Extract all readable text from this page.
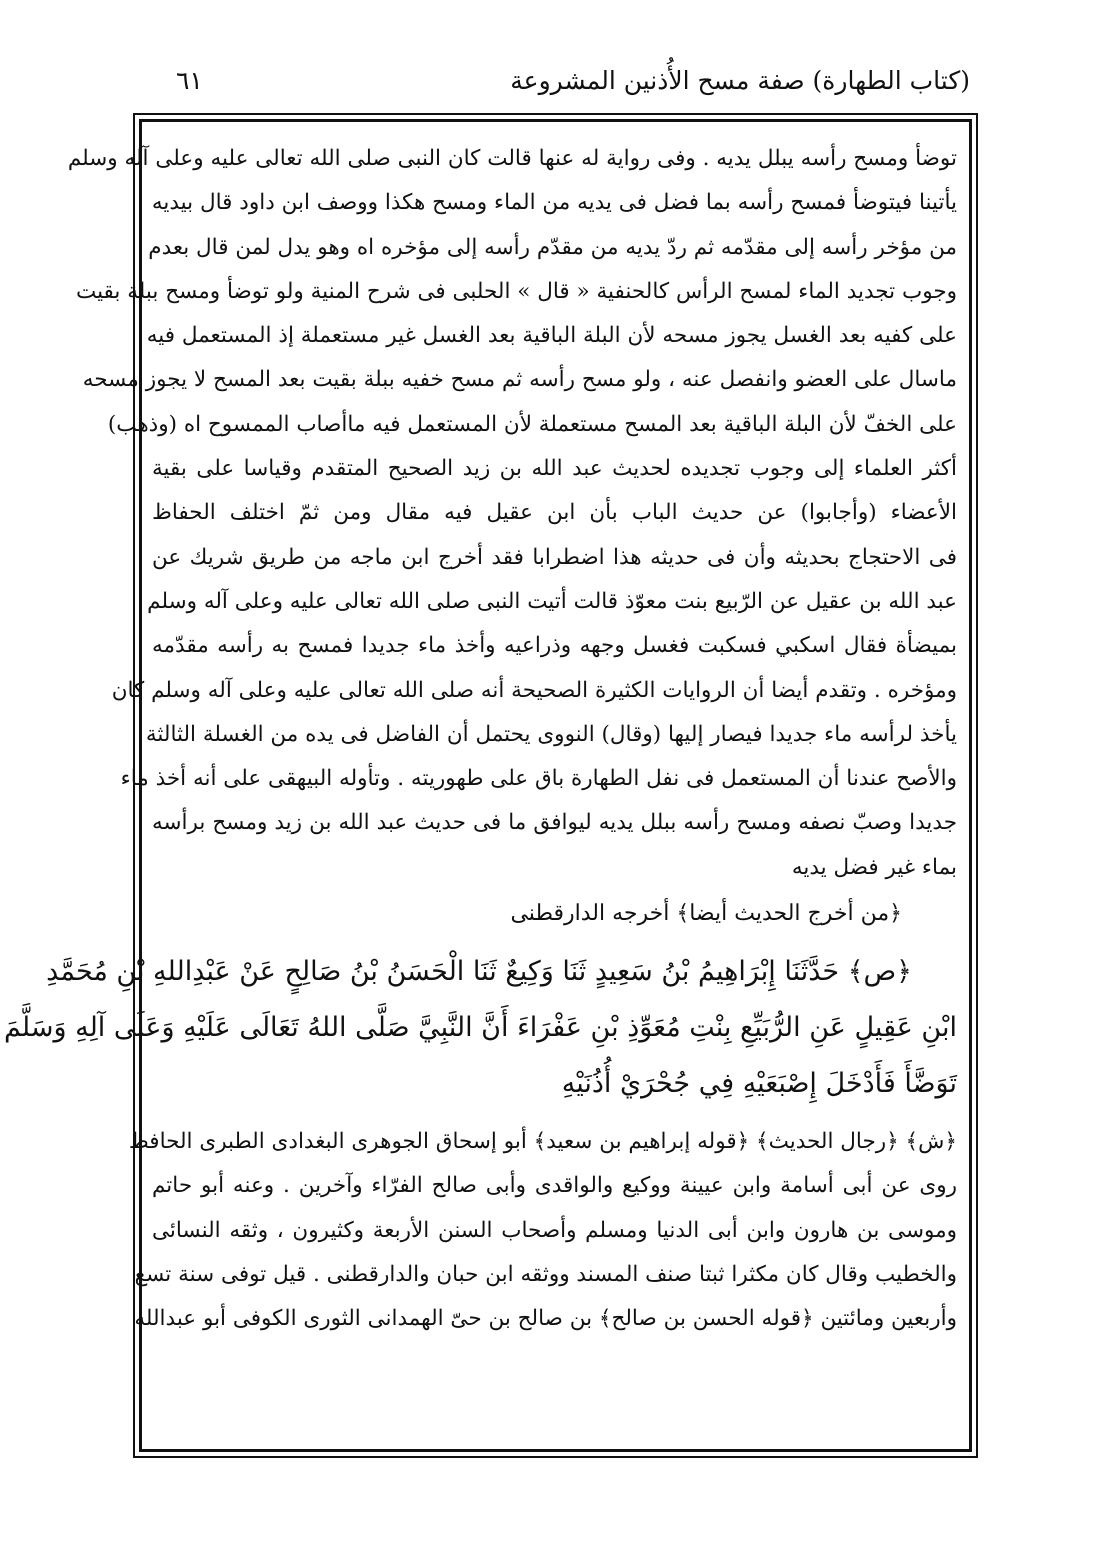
(كتاب الطهارة) صفة مسح الأُذنين المشروعة
٦١
توضأ ومسح رأسه يبلل يديه . وفى رواية له عنها قالت كان النبى صلى الله تعالى عليه وعلى آله وسلم
يأتينا فيتوضأ فمسح رأسه بما فضل فى يديه من الماء ومسح هكذا ووصف ابن داود قال بيديه
من مؤخر رأسه إلى مقدّمه ثم ردّ يديه من مقدّم رأسه إلى مؤخره اه وهو يدل لمن قال بعدم
وجوب تجديد الماء لمسح الرأس كالحنفية « قال » الحلبى فى شرح المنية ولو توضأ ومسح ببلة بقيت
على كفيه بعد الغسل يجوز مسحه لأن البلة الباقية بعد الغسل غير مستعملة إذ المستعمل فيه
ماسال على العضو وانفصل عنه ، ولو مسح رأسه ثم مسح خفيه ببلة بقيت بعد المسح لا يجوز مسحه
على الخفّ لأن البلة الباقية بعد المسح مستعملة لأن المستعمل فيه ماأصاب الممسوح اه (وذهب)
أكثر العلماء إلى وجوب تجديده لحديث عبد الله بن زيد الصحيح المتقدم وقياسا على بقية
الأعضاء (وأجابوا) عن حديث الباب بأن ابن عقيل فيه مقال ومن ثمّ اختلف الحفاظ
فى الاحتجاج بحديثه وأن فى حديثه هذا اضطرابا فقد أخرج ابن ماجه من طريق شريك عن
عبد الله بن عقيل عن الرّبيع بنت معوّذ قالت أتيت النبى صلى الله تعالى عليه وعلى آله وسلم
بميضأة فقال اسكبي فسكبت فغسل وجهه وذراعيه وأخذ ماء جديدا فمسح به رأسه مقدّمه
ومؤخره . وتقدم أيضا أن الروايات الكثيرة الصحيحة أنه صلى الله تعالى عليه وعلى آله وسلم كان
يأخذ لرأسه ماء جديدا فيصار إليها (وقال) النووى يحتمل أن الفاضل فى يده من الغسلة الثالثة
والأصح عندنا أن المستعمل فى نفل الطهارة باق على طهوريته . وتأوله البيهقى على أنه أخذ ماء
جديدا وصبّ نصفه ومسح رأسه ببلل يديه ليوافق ما فى حديث عبد الله بن زيد ومسح برأسه
بماء غير فضل يديه
﴿من أخرج الحديث أيضا﴾ أخرجه الدارقطنى
﴿ص﴾ حَدَّثَنَا إِبْرَاهِيمُ بْنُ سَعِيدٍ ثَنَا وَكِيعٌ ثَنَا الْحَسَنُ بْنُ صَالِحٍ عَنْ عَبْدِاللهِ بْنِ مُحَمَّدِ
ابْنِ عَقِيلٍ عَنِ الرُّبَيِّعِ بِنْتِ مُعَوِّذِ بْنِ عَفْرَاءَ أَنَّ النَّبِيَّ صَلَّى اللهُ تَعَالَى عَلَيْهِ وَعَلَى آلِهِ وَسَلَّمَ
تَوَضَّأَ فَأَدْخَلَ إِصْبَعَيْهِ فِي جُحْرَيْ أُذُنَيْهِ
﴿ش﴾ ﴿رجال الحديث﴾ ﴿قوله إبراهيم بن سعيد﴾ أبو إسحاق الجوهرى البغدادى الطبرى الحافظ
روى عن أبى أسامة وابن عيينة ووكيع والواقدى وأبى صالح الفرّاء وآخرين . وعنه أبو حاتم
وموسى بن هارون وابن أبى الدنيا ومسلم وأصحاب السنن الأربعة وكثيرون ، وثقه النسائى
والخطيب وقال كان مكثرا ثبتا صنف المسند ووثقه ابن حبان والدارقطنى . قيل توفى سنة تسع
وأربعين ومائتين ﴿قوله الحسن بن صالح﴾ بن صالح بن حىّ الهمدانى الثورى الكوفى أبو عبدالله
